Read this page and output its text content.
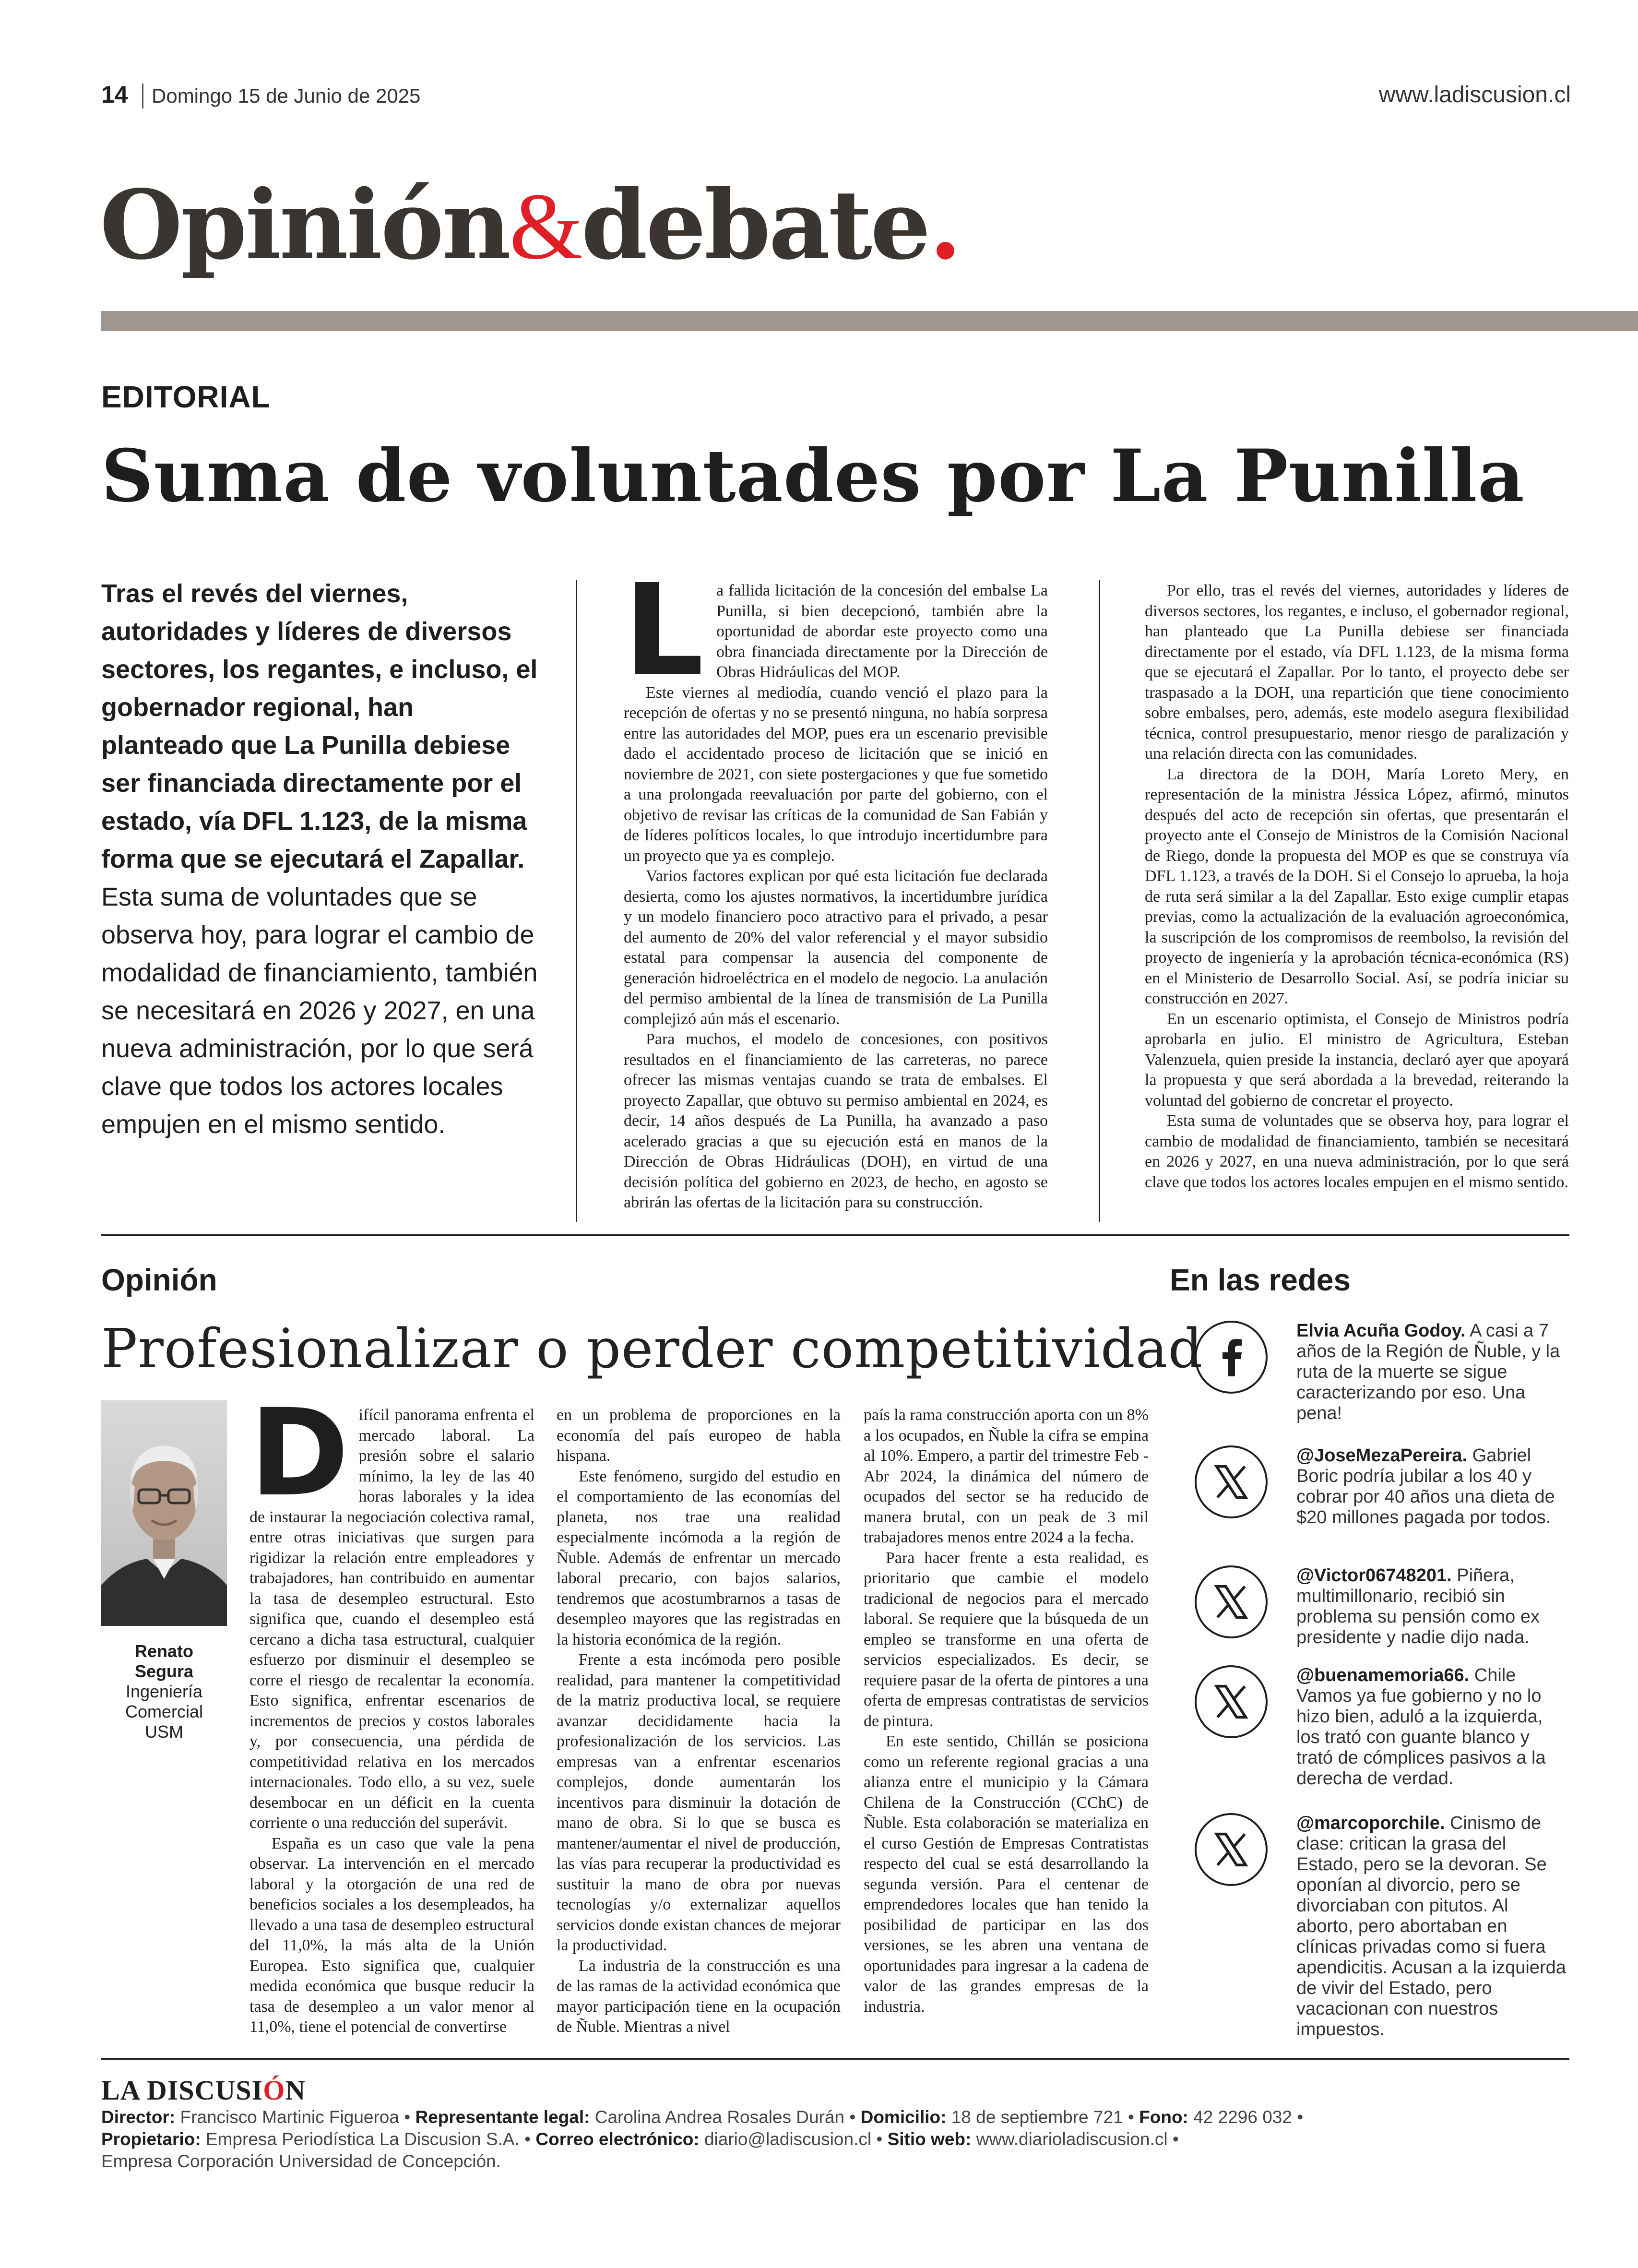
14 Domingo 15 de Junio de 2025	www.ladiscusion.cl
Opinión&debate.
EDITORIAL
Suma de voluntades por La Punilla
Tras el revés del viernes, autoridades y líderes de diversos sectores, los regantes, e incluso, el gobernador regional, han planteado que La Punilla debiese ser financiada directamente por el estado, vía DFL 1.123, de la misma forma que se ejecutará el Zapallar. Esta suma de voluntades que se observa hoy, para lograr el cambio de modalidad de financiamiento, también se necesitará en 2026 y 2027, en una nueva administración, por lo que será clave que todos los actores locales empujen en el mismo sentido.
L a fallida licitación de la concesión del embalse La Punilla, si bien decepcionó, también abre la oportunidad de abordar este proyecto como una obra financiada directamente por la Dirección de Obras Hidráulicas del MOP.

Este viernes al mediodía, cuando venció el plazo para la recepción de ofertas y no se presentó ninguna, no había sorpresa entre las autoridades del MOP, pues era un escenario previsible dado el accidentado proceso de licitación que se inició en noviembre de 2021, con siete postergaciones y que fue sometido a una prolongada reevaluación por parte del gobierno, con el objetivo de revisar las críticas de la comunidad de San Fabián y de líderes políticos locales, lo que introdujo incertidumbre para un proyecto que ya es complejo.

Varios factores explican por qué esta licitación fue declarada desierta, como los ajustes normativos, la incertidumbre jurídica y un modelo financiero poco atractivo para el privado, a pesar del aumento de 20% del valor referencial y el mayor subsidio estatal para compensar la ausencia del componente de generación hidroeléctrica en el modelo de negocio. La anulación del permiso ambiental de la línea de transmisión de La Punilla complejizó aún más el escenario.

Para muchos, el modelo de concesiones, con positivos resultados en el financiamiento de las carreteras, no parece ofrecer las mismas ventajas cuando se trata de embalses. El proyecto Zapallar, que obtuvo su permiso ambiental en 2024, es decir, 14 años después de La Punilla, ha avanzado a paso acelerado gracias a que su ejecución está en manos de la Dirección de Obras Hidráulicas (DOH), en virtud de una decisión política del gobierno en 2023, de hecho, en agosto se abrirán las ofertas de la licitación para su construcción.

Por ello, tras el revés del viernes, autoridades y líderes de diversos sectores, los regantes, e incluso, el gobernador regional, han planteado que La Punilla debiese ser financiada directamente por el estado, vía DFL 1.123, de la misma forma que se ejecutará el Zapallar. Por lo tanto, el proyecto debe ser traspasado a la DOH, una repartición que tiene conocimiento sobre embalses, pero, además, este modelo asegura flexibilidad técnica, control presupuestario, menor riesgo de paralización y una relación directa con las comunidades.

La directora de la DOH, María Loreto Mery, en representación de la ministra Jéssica López, afirmó, minutos después del acto de recepción sin ofertas, que presentarán el proyecto ante el Consejo de Ministros de la Comisión Nacional de Riego, donde la propuesta del MOP es que se construya vía DFL 1.123, a través de la DOH. Si el Consejo lo aprueba, la hoja de ruta será similar a la del Zapallar. Esto exige cumplir etapas previas, como la actualización de la evaluación agroeconómica, la suscripción de los compromisos de reembolso, la revisión del proyecto de ingeniería y la aprobación técnica-económica (RS) en el Ministerio de Desarrollo Social. Así, se podría iniciar su construcción en 2027.

En un escenario optimista, el Consejo de Ministros podría aprobarla en julio. El ministro de Agricultura, Esteban Valenzuela, quien preside la instancia, declaró ayer que apoyará la propuesta y que será abordada a la brevedad, reiterando la voluntad del gobierno de concretar el proyecto.

Esta suma de voluntades que se observa hoy, para lograr el cambio de modalidad de financiamiento, también se necesitará en 2026 y 2027, en una nueva administración, por lo que será clave que todos los actores locales empujen en el mismo sentido.

Opinión
Profesionalizar o perder competitividad
Renato
Segura
Ingeniería
Comercial
USM
D ifícil panorama enfrenta el mercado laboral. La presión sobre el salario mínimo, la ley de las 40 horas laborales y la idea de instaurar la negociación colectiva ramal, entre otras iniciativas que surgen para rigidizar la relación entre empleadores y trabajadores, han contribuido en aumentar la tasa de desempleo estructural. Esto significa que, cuando el desempleo está cercano a dicha tasa estructural, cualquier esfuerzo por disminuir el desempleo se corre el riesgo de recalentar la economía. Esto significa, enfrentar escenarios de incrementos de precios y costos laborales y, por consecuencia, una pérdida de competitividad relativa en los mercados internacionales. Todo ello, a su vez, suele desembocar en un déficit en la cuenta corriente o una reducción del superávit.

España es un caso que vale la pena observar. La intervención en el mercado laboral y la otorgación de una red de beneficios sociales a los desempleados, ha llevado a una tasa de desempleo estructural del 11,0%, la más alta de la Unión Europea. Esto significa que, cualquier medida económica que busque reducir la tasa de desempleo a un valor menor al 11,0%, tiene el potencial de convertirse

en un problema de proporciones en la economía del país europeo de habla hispana.

Este fenómeno, surgido del estudio en el comportamiento de las economías del planeta, nos trae una realidad especialmente incómoda a la región de Ñuble. Además de enfrentar un mercado laboral precario, con bajos salarios, tendremos que acostumbrarnos a tasas de desempleo mayores que las registradas en la historia económica de la región.

Frente a esta incómoda pero posible realidad, para mantener la competitividad de la matriz productiva local, se requiere avanzar decididamente hacia la profesionalización de los servicios. Las empresas van a enfrentar escenarios complejos, donde aumentarán los incentivos para disminuir la dotación de mano de obra. Si lo que se busca es mantener/aumentar el nivel de producción, las vías para recuperar la productividad es sustituir la mano de obra por nuevas tecnologías y/o externalizar aquellos servicios donde existan chances de mejorar la productividad.

La industria de la construcción es una de las ramas de la actividad económica que mayor participación tiene en la ocupación de Ñuble. Mientras a nivel

país la rama construcción aporta con un 8% a los ocupados, en Ñuble la cifra se empina al 10%. Empero, a partir del trimestre Feb - Abr 2024, la dinámica del número de ocupados del sector se ha reducido de manera brutal, con un peak de 3 mil trabajadores menos entre 2024 a la fecha.

Para hacer frente a esta realidad, es prioritario que cambie el modelo tradicional de negocios para el mercado laboral. Se requiere que la búsqueda de un empleo se transforme en una oferta de servicios especializados. Es decir, se requiere pasar de la oferta de pintores a una oferta de empresas contratistas de servicios de pintura.

En este sentido, Chillán se posiciona como un referente regional gracias a una alianza entre el municipio y la Cámara Chilena de la Construcción (CChC) de Ñuble. Esta colaboración se materializa en el curso Gestión de Empresas Contratistas respecto del cual se está desarrollando la segunda versión. Para el centenar de emprendedores locales que han tenido la posibilidad de participar en las dos versiones, se les abren una ventana de oportunidades para ingresar a la cadena de valor de las grandes empresas de la industria.

En las redes
Elvia Acuña Godoy. A casi a 7 años de la Región de Ñuble, y la ruta de la muerte se sigue caracterizando por eso. Una pena!
@JoseMezaPereira. Gabriel Boric podría jubilar a los 40 y cobrar por 40 años una dieta de $20 millones pagada por todos.
@Victor06748201. Piñera, multimillonario, recibió sin problema su pensión como ex presidente y nadie dijo nada.
@buenamemoria66. Chile Vamos ya fue gobierno y no lo hizo bien, aduló a la izquierda, los trató con guante blanco y trató de cómplices pasivos a la derecha de verdad.
@marcoporchile. Cinismo de clase: critican la grasa del Estado, pero se la devoran. Se oponían al divorcio, pero se divorciaban con pitutos. Al aborto, pero abortaban en clínicas privadas como si fuera apendicitis. Acusan a la izquierda de vivir del Estado, pero vacacionan con nuestros impuestos.
LA DISCUSIÓN
Director: Francisco Martinic Figueroa • Representante legal: Carolina Andrea Rosales Durán • Domicilio: 18 de septiembre 721 • Fono: 42 2296 032 •
Propietario: Empresa Periodística La Discusion S.A. • Correo electrónico: diario@ladiscusion.cl • Sitio web: www.diarioladiscusion.cl •
Empresa Corporación Universidad de Concepción.
